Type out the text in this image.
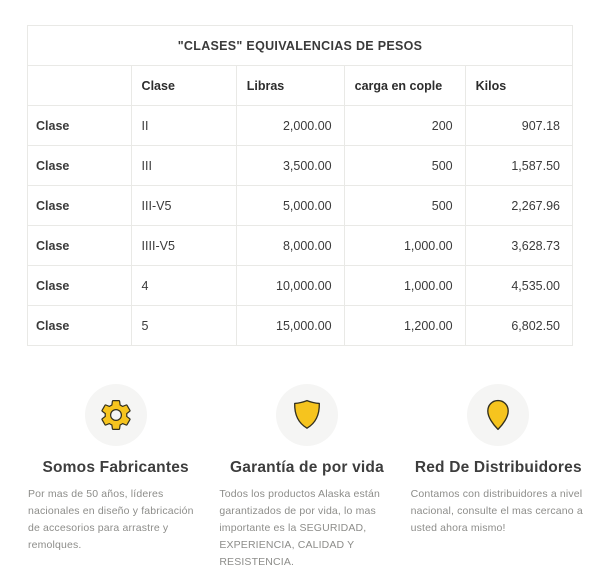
"CLASES" EQUIVALENCIAS DE PESOS				
	Clase	Libras	carga en cople	Kilos
Clase	II	2,000.00	200	907.18
Clase	III	3,500.00	500	1,587.50
Clase	III-V5	5,000.00	500	2,267.96
Clase	IIII-V5	8,000.00	1,000.00	3,628.73
Clase	4	10,000.00	1,000.00	4,535.00
Clase	5	15,000.00	1,200.00	6,802.50
Somos Fabricantes

Por mas de 50 años, líderes nacionales en diseño y fabricación de accesorios para arrastre y remolques.

Garantía de por vida

Todos los productos Alaska están garantizados de por vida, lo mas importante es la SEGURIDAD, EXPERIENCIA, CALIDAD Y RESISTENCIA.

Red De Distribuidores

Contamos con distribuidores a nivel nacional, consulte el mas cercano a usted ahora mismo!
